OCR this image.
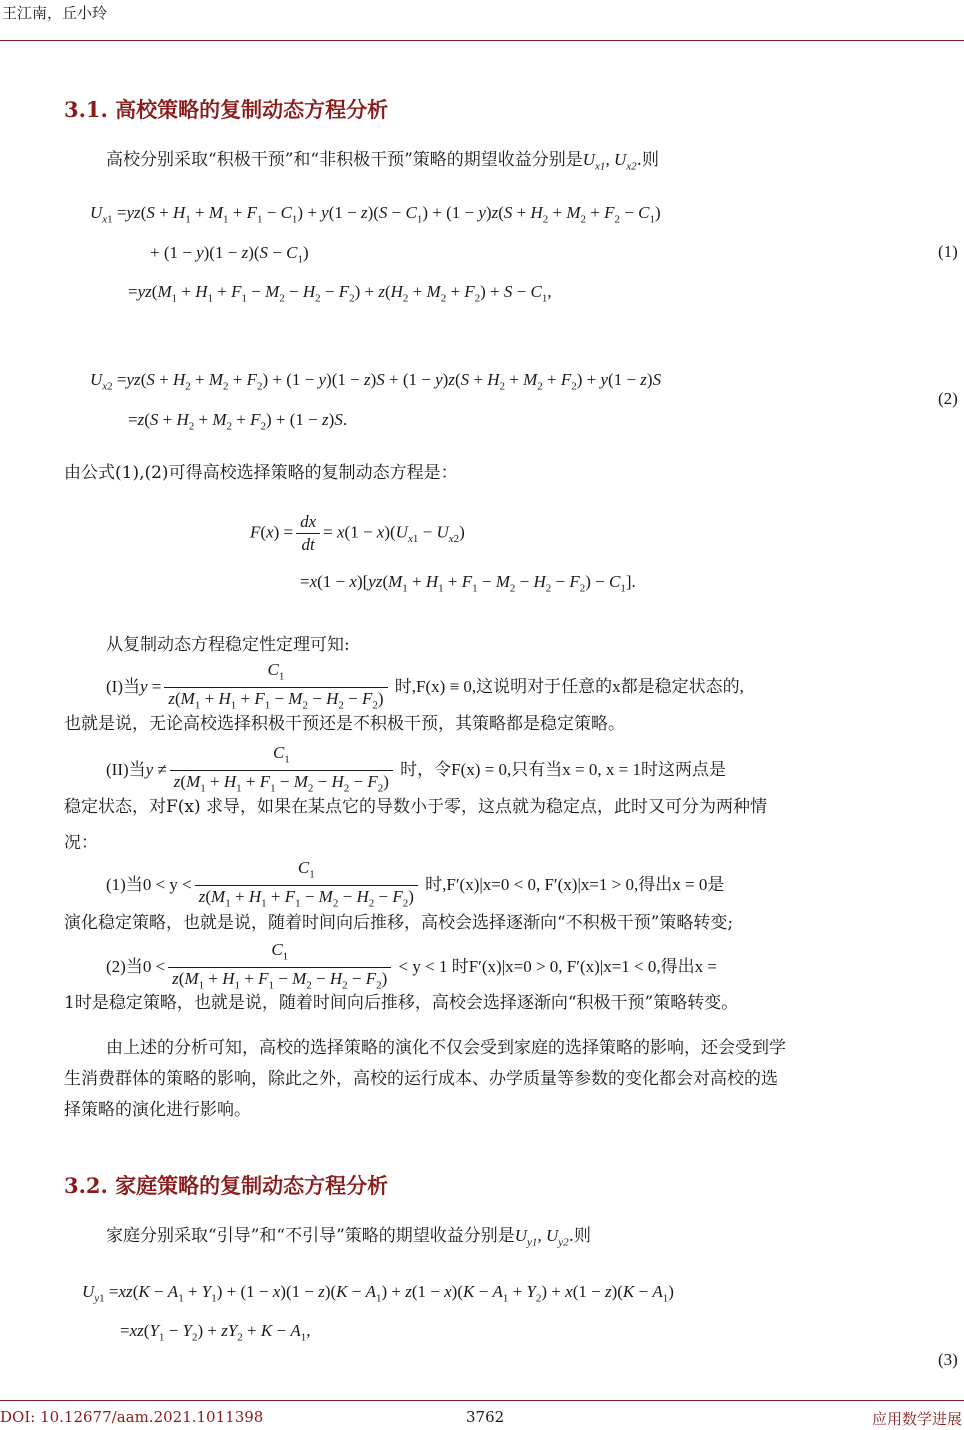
王江南，丘小玲
3.1. 高校策略的复制动态方程分析
高校分别采取“积极干预”和“非积极干预”策略的期望收益分别是$U_{x1}$, $U_{x2}$.则
$U_{x1} =yz(S + H_1 + M_1 + F_1 - C_1) + y(1 - z)(S - C_1) + (1 - y)z(S + H_2 + M_2 + F_2 - C_1)$
+ $(1 - y)(1 - z)(S - C_1)$
$=yz(M_1 + H_1 + F_1 - M_2 - H_2 - F_2) + z(H_2 + M_2 + F_2) + S - C_1$,
(1)
$U_{x2} =yz(S + H_2 + M_2 + F_2) + (1 - y)(1 - z)S + (1 - y)z(S + H_2 + M_2 + F_2) + y(1 - z)S$
$=z(S + H_2 + M_2 + F_2) + (1 - z)S$.
(2)
由公式(1),(2)可得高校选择策略的复制动态方程是：
$F(x) = \frac{dx}{dt} = x(1 - x)(U_{x1} - U_{x2})$
$=x(1 - x)[yz(M_1 + H_1 + F_1 - M_2 - H_2 - F_2) - C_1]$.
从复制动态方程稳定性定理可知:
(I)当$y = \frac{C_1}{z(M_1 + H_1 + F_1 - M_2 - H_2 - F_2)}$ 时,F(x) ≡ 0,这说明对于任意的x都是稳定状态的,
也就是说，无论高校选择积极干预还是不积极干预，其策略都是稳定策略。
(II)当$y \ne \frac{C_1}{z(M_1 + H_1 + F_1 - M_2 - H_2 - F_2)}$ 时，令F(x) = 0,只有当x = 0, x = 1时这两点是
稳定状态，对F(x) 求导，如果在某点它的导数小于零，这点就为稳定点，此时又可分为两种情
况：
(1)当$0 < y < \frac{C_1}{z(M_1 + H_1 + F_1 - M_2 - H_2 - F_2)}$ 时,F′(x)|x=0 < 0, F′(x)|x=1 > 0,得出x = 0是
演化稳定策略，也就是说，随着时间向后推移，高校会选择逐渐向“不积极干预”策略转变;
(2)当$0 < \frac{C_1}{z(M_1 + H_1 + F_1 - M_2 - H_2 - F_2)} < y < 1$ 时F′(x)|x=0 > 0, F′(x)|x=1 < 0,得出x =
1时是稳定策略，也就是说，随着时间向后推移，高校会选择逐渐向“积极干预”策略转变。
由上述的分析可知，高校的选择策略的演化不仅会受到家庭的选择策略的影响，还会受到学
生消费群体的策略的影响，除此之外，高校的运行成本、办学质量等参数的变化都会对高校的选
择策略的演化进行影响。
3.2. 家庭策略的复制动态方程分析
家庭分别采取“引导”和“不引导”策略的期望收益分别是$U_{y1}$, $U_{y2}$.则
$U_{y1} =xz(K - A_1 + Y_1) + (1 - x)(1 - z)(K - A_1) + z(1 - x)(K - A_1 + Y_2) + x(1 - z)(K - A_1)$
$=xz(Y_1 - Y_2) + zY_2 + K - A_1$,
(3)
DOI: 10.12677/aam.2021.1011398	3762	应用数学进展
